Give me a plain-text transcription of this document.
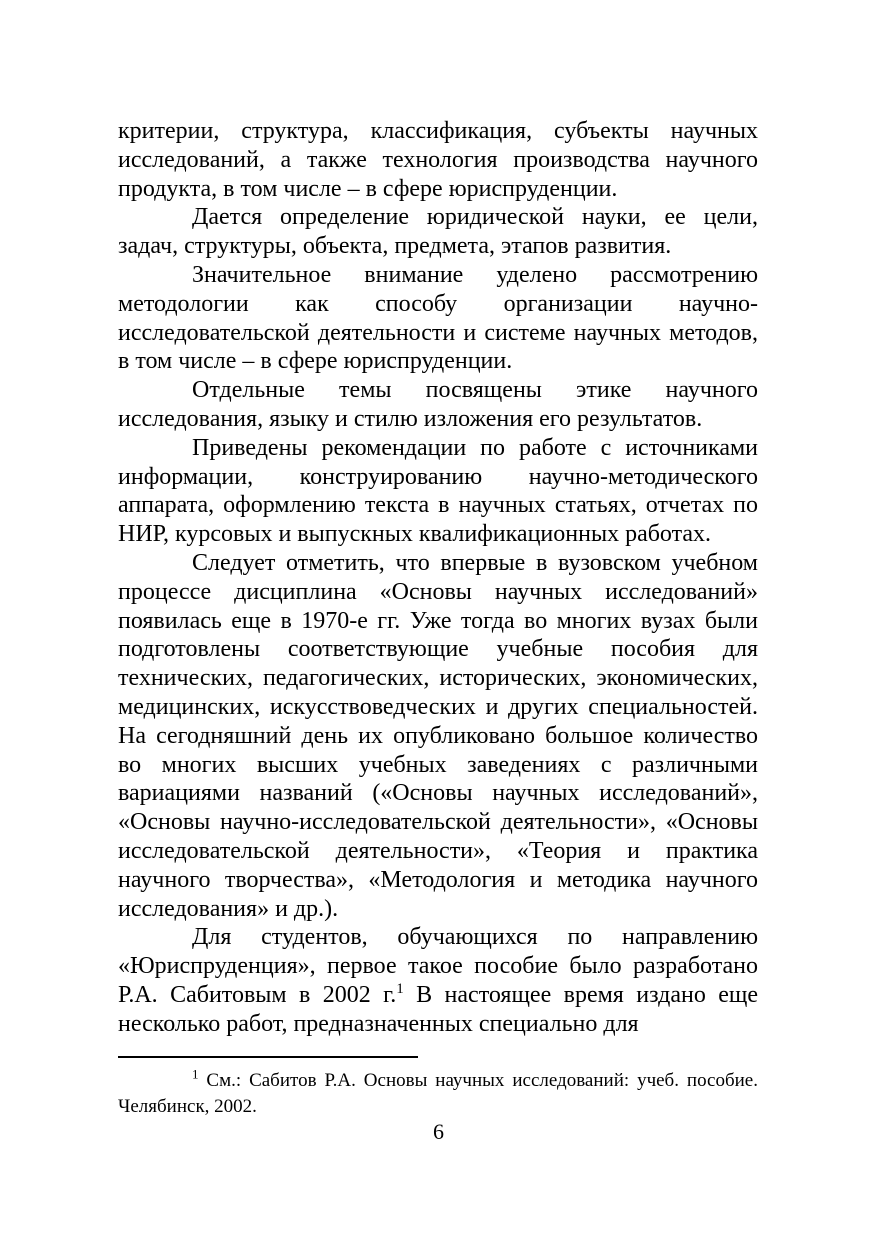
критерии, структура, классификация, субъекты научных исследований, а также технология производства научного продукта, в том числе – в сфере юриспруденции.

Дается определение юридической науки, ее цели, задач, структуры, объекта, предмета, этапов развития.

Значительное внимание уделено рассмотрению методологии как способу организации научно-исследовательской деятельности и системе научных методов, в том числе – в сфере юриспруденции.

Отдельные темы посвящены этике научного исследования, языку и стилю изложения его результатов.

Приведены рекомендации по работе с источниками информации, конструированию научно-методического аппарата, оформлению текста в научных статьях, отчетах по НИР, курсовых и выпускных квалификационных работах.

Следует отметить, что впервые в вузовском учебном процессе дисциплина «Основы научных исследований» появилась еще в 1970-е гг. Уже тогда во многих вузах были подготовлены соответствующие учебные пособия для технических, педагогических, исторических, экономических, медицинских, искусствоведческих и других специальностей. На сегодняшний день их опубликовано большое количество во многих высших учебных заведениях с различными вариациями названий («Основы научных исследований», «Основы научно-исследовательской деятельности», «Основы исследовательской деятельности», «Теория и практика научного творчества», «Методология и методика научного исследования» и др.).

Для студентов, обучающихся по направлению «Юриспруденция», первое такое пособие было разработано Р.А. Сабитовым в 2002 г.$^1$ В настоящее время издано еще несколько работ, предназначенных специально для

$^1$ См.: Сабитов Р.А. Основы научных исследований: учеб. пособие. Челябинск, 2002.

6
